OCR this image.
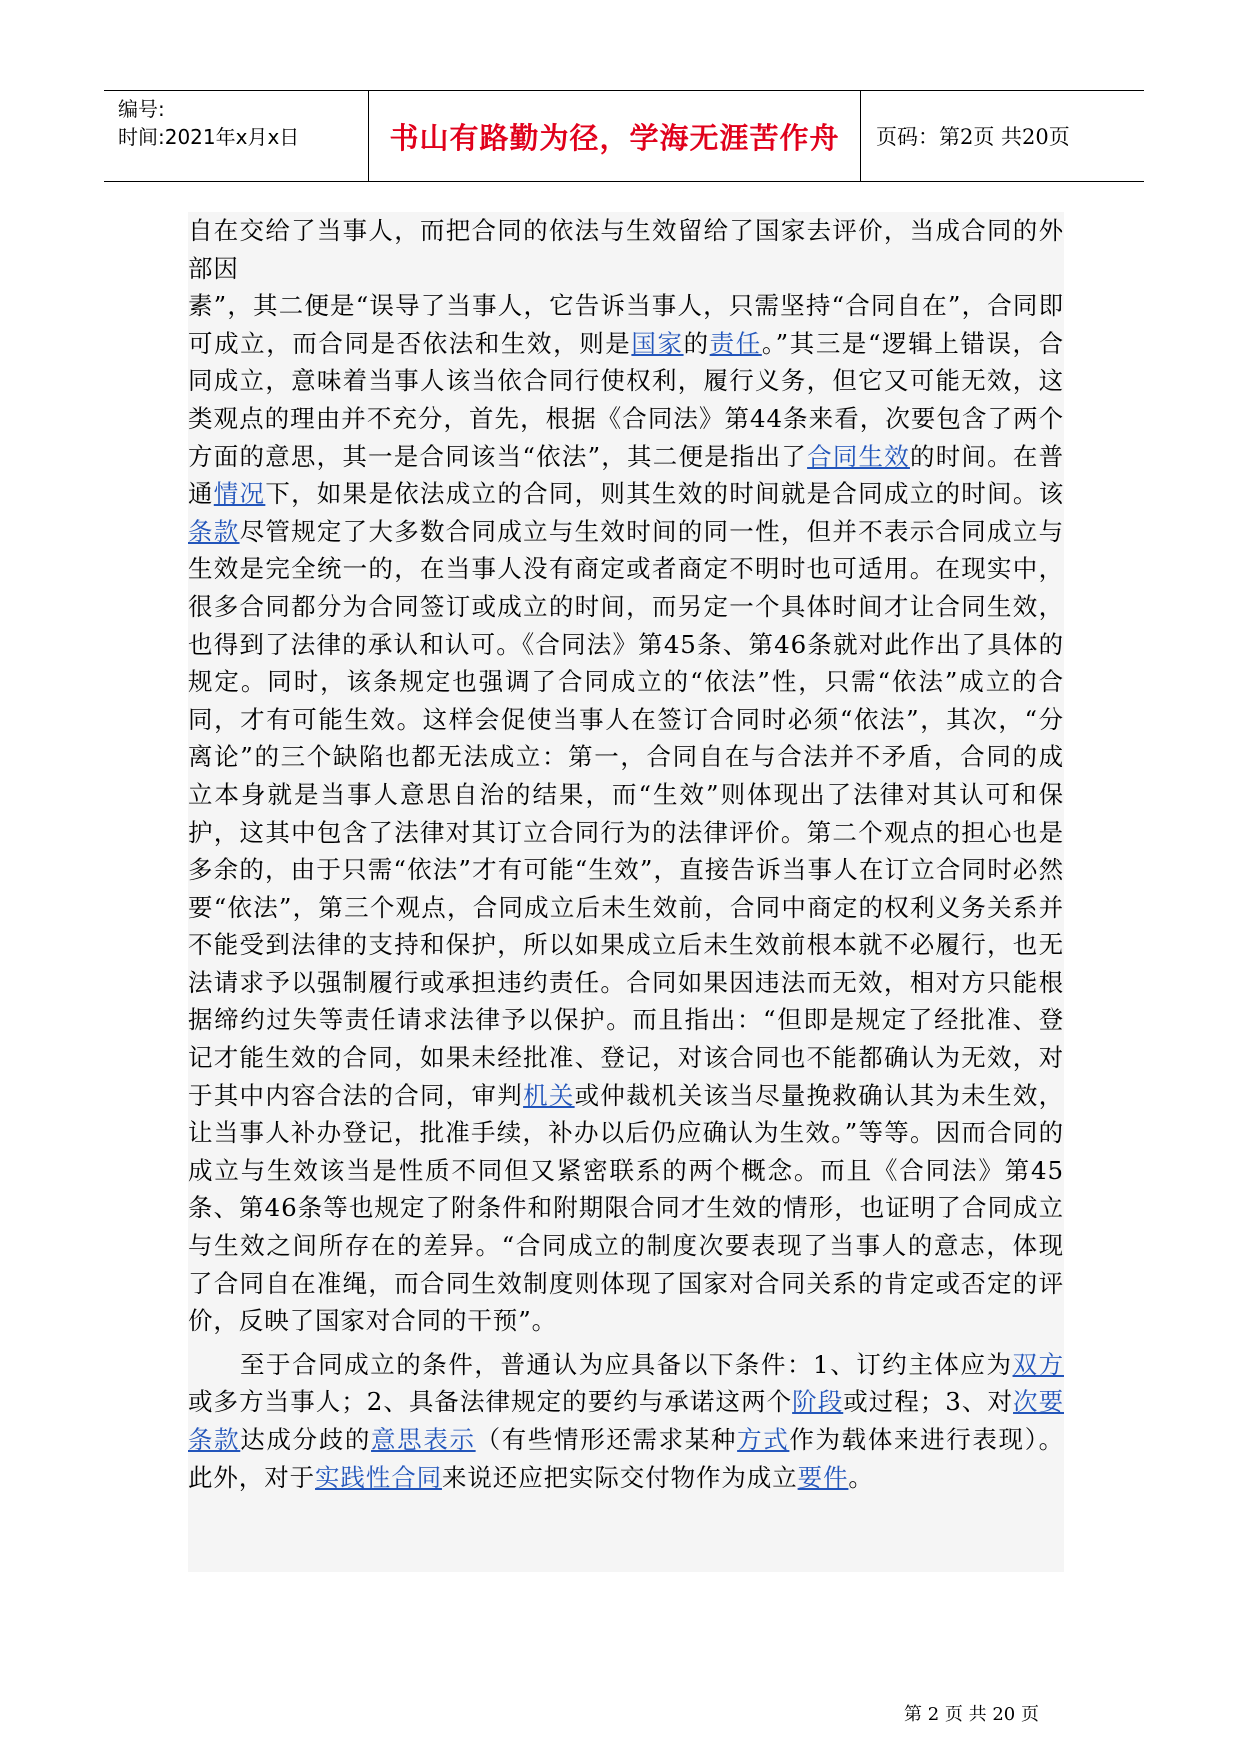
编号:
时间:2021年x月x日	书山有路勤为径，学海无涯苦作舟	页码：第2页 共20页

自在交给了当事人，而把合同的依法与生效留给了国家去评价，当成合同的外部因
素”，其二便是“误导了当事人，它告诉当事人，只需坚持“合同自在”，合同即可成立，而合同是否依法和生效，则是国家的责任。”其三是“逻辑上错误，合同成立，意味着当事人该当依合同行使权利，履行义务，但它又可能无效，这类观点的理由并不充分，首先，根据《合同法》第44条来看，次要包含了两个方面的意思，其一是合同该当“依法”，其二便是指出了合同生效的时间。在普通情况下，如果是依法成立的合同，则其生效的时间就是合同成立的时间。该条款尽管规定了大多数合同成立与生效时间的同一性，但并不表示合同成立与生效是完全统一的，在当事人没有商定或者商定不明时也可适用。在现实中，很多合同都分为合同签订或成立的时间，而另定一个具体时间才让合同生效，也得到了法律的承认和认可。《合同法》第45条、第46条就对此作出了具体的规定。同时，该条规定也强调了合同成立的“依法”性，只需“依法”成立的合同，才有可能生效。这样会促使当事人在签订合同时必须“依法”，其次，“分离论”的三个缺陷也都无法成立：第一，合同自在与合法并不矛盾，合同的成立本身就是当事人意思自治的结果，而“生效”则体现出了法律对其认可和保护，这其中包含了法律对其订立合同行为的法律评价。第二个观点的担心也是多余的，由于只需“依法”才有可能“生效”，直接告诉当事人在订立合同时必然要“依法”，第三个观点，合同成立后未生效前，合同中商定的权利义务关系并不能受到法律的支持和保护，所以如果成立后未生效前根本就不必履行，也无法请求予以强制履行或承担违约责任。合同如果因违法而无效，相对方只能根据缔约过失等责任请求法律予以保护。而且指出：“但即是规定了经批准、登记才能生效的合同，如果未经批准、登记，对该合同也不能都确认为无效，对于其中内容合法的合同，审判机关或仲裁机关该当尽量挽救确认其为未生效，让当事人补办登记，批准手续，补办以后仍应确认为生效。”等等。因而合同的成立与生效该当是性质不同但又紧密联系的两个概念。而且《合同法》第45条、第46条等也规定了附条件和附期限合同才生效的情形，也证明了合同成立与生效之间所存在的差异。“合同成立的制度次要表现了当事人的意志，体现了合同自在准绳，而合同生效制度则体现了国家对合同关系的肯定或否定的评价，反映了国家对合同的干预”。

至于合同成立的条件，普通认为应具备以下条件：1、订约主体应为双方或多方当事人；2、具备法律规定的要约与承诺这两个阶段或过程；3、对次要条款达成分歧的意思表示（有些情形还需求某种方式作为载体来进行表现）。此外，对于实践性合同来说还应把实际交付物作为成立要件。

第 2 页 共 20 页
